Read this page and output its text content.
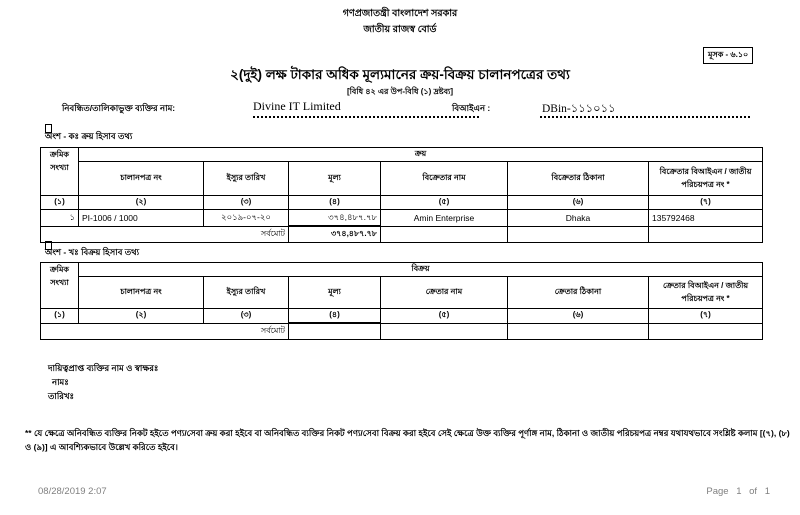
গণপ্রজাতন্ত্রী বাংলাদেশ সরকার
জাতীয় রাজস্ব বোর্ড
মূসক - ৬.১০
২(দুই) লক্ষ টাকার অধিক মূল্যমানের ক্রয়-বিক্রয় চালানপত্রের তথ্য
[বিধি ৪২ এর উপ-বিধি (১) দ্রষ্টব্য]
নিবন্ধিত/তালিকাভুক্ত ব্যক্তির নাম:	Divine IT Limited	বিআইএন :	DBin-১১১০১১
অংশ - কঃ ক্রয় হিসাব তথ্য
ক্রমিক সংখ্যা	ক্রয়					
	চালানপত্র নং	ইস্যুর তারিখ	মূল্য	বিক্রেতার নাম	বিক্রেতার ঠিকানা	বিক্রেতার বিআইএন / জাতীয় পরিচয়পত্র নং *
(১)	(২)	(৩)	(৪)	(৫)	(৬)	(৭)
১	PI-1006 / 1000	২০১৯-০৭-২০	৩৭৪,৪৮৭.৭৮	Amin Enterprise	Dhaka	135792468
সর্বমোট			৩৭৪,৪৮৭.৭৮			
অংশ - খঃ বিক্রয় হিসাব তথ্য
ক্রমিক সংখ্যা	বিক্রয়					
	চালানপত্র নং	ইস্যুর তারিখ	মূল্য	ক্রেতার নাম	ক্রেতার ঠিকানা	ক্রেতার বিআইএন / জাতীয় পরিচয়পত্র নং *
(১)	(২)	(৩)	(৪)	(৫)	(৬)	(৭)
সর্বমোট						
দায়িত্বপ্রাপ্ত ব্যক্তির নাম ও স্বাক্ষরঃ
নামঃ
তারিখঃ
** যে ক্ষেত্রে অনিবন্ধিত ব্যক্তির নিকট হইতে পণ্য/সেবা ক্রয় করা হইবে বা অনিবন্ধিত ব্যক্তির নিকট পণ্য/সেবা বিক্রয় করা হইবে সেই ক্ষেত্রে উক্ত ব্যক্তির পূর্ণাঙ্গ নাম, ঠিকানা ও জাতীয় পরিচয়পত্র নম্বর যথাযথভাবে সংশ্লিষ্ট কলাম [(৭), (৮) ও (৯)] এ আবশ্যিকভাবে উল্লেখ করিতে হইবে।
08/28/2019 2:07	Page 1 of 1
